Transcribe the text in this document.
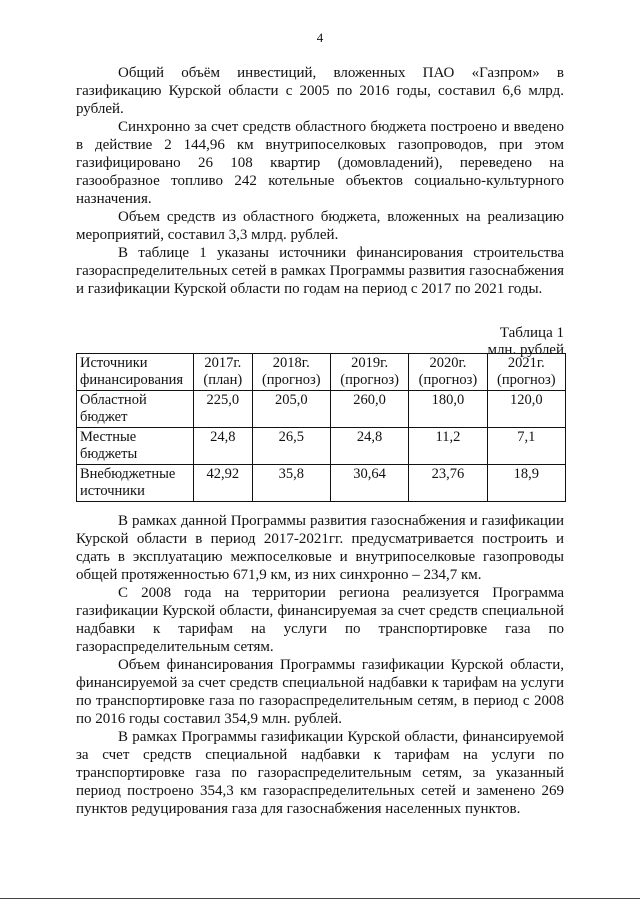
4

Общий объём инвестиций, вложенных ПАО «Газпром» в газификацию Курской области с 2005 по 2016 годы, составил 6,6 млрд. рублей.

Синхронно за счет средств областного бюджета построено и введено в действие 2 144,96 км внутрипоселковых газопроводов, при этом газифицировано 26 108 квартир (домовладений), переведено на газообразное топливо 242 котельные объектов социально-культурного назначения.

Объем средств из областного бюджета, вложенных на реализацию мероприятий, составил 3,3 млрд. рублей.

В таблице 1 указаны источники финансирования строительства газораспределительных сетей в рамках Программы развития газоснабжения и газификации Курской области по годам на период с 2017 по 2021 годы.

Таблица 1
млн. рублей
Источники финансирования	2017г. (план)	2018г. (прогноз)	2019г. (прогноз)	2020г. (прогноз)	2021г. (прогноз)
Областной бюджет	225,0	205,0	260,0	180,0	120,0
Местные бюджеты	24,8	26,5	24,8	11,2	7,1
Внебюджетные источники	42,92	35,8	30,64	23,76	18,9

В рамках данной Программы развития газоснабжения и газификации Курской области в период 2017-2021гг. предусматривается построить и сдать в эксплуатацию межпоселковые и внутрипоселковые газопроводы общей протяженностью 671,9 км, из них синхронно – 234,7 км.

С 2008 года на территории региона реализуется Программа газификации Курской области, финансируемая за счет средств специальной надбавки к тарифам на услуги по транспортировке газа по газораспределительным сетям.

Объем финансирования Программы газификации Курской области, финансируемой за счет средств специальной надбавки к тарифам на услуги по транспортировке газа по газораспределительным сетям, в период с 2008 по 2016 годы составил 354,9 млн. рублей.

В рамках Программы газификации Курской области, финансируемой за счет средств специальной надбавки к тарифам на услуги по транспортировке газа по газораспределительным сетям, за указанный период построено 354,3 км газораспределительных сетей и заменено 269 пунктов редуцирования газа для газоснабжения населенных пунктов.
